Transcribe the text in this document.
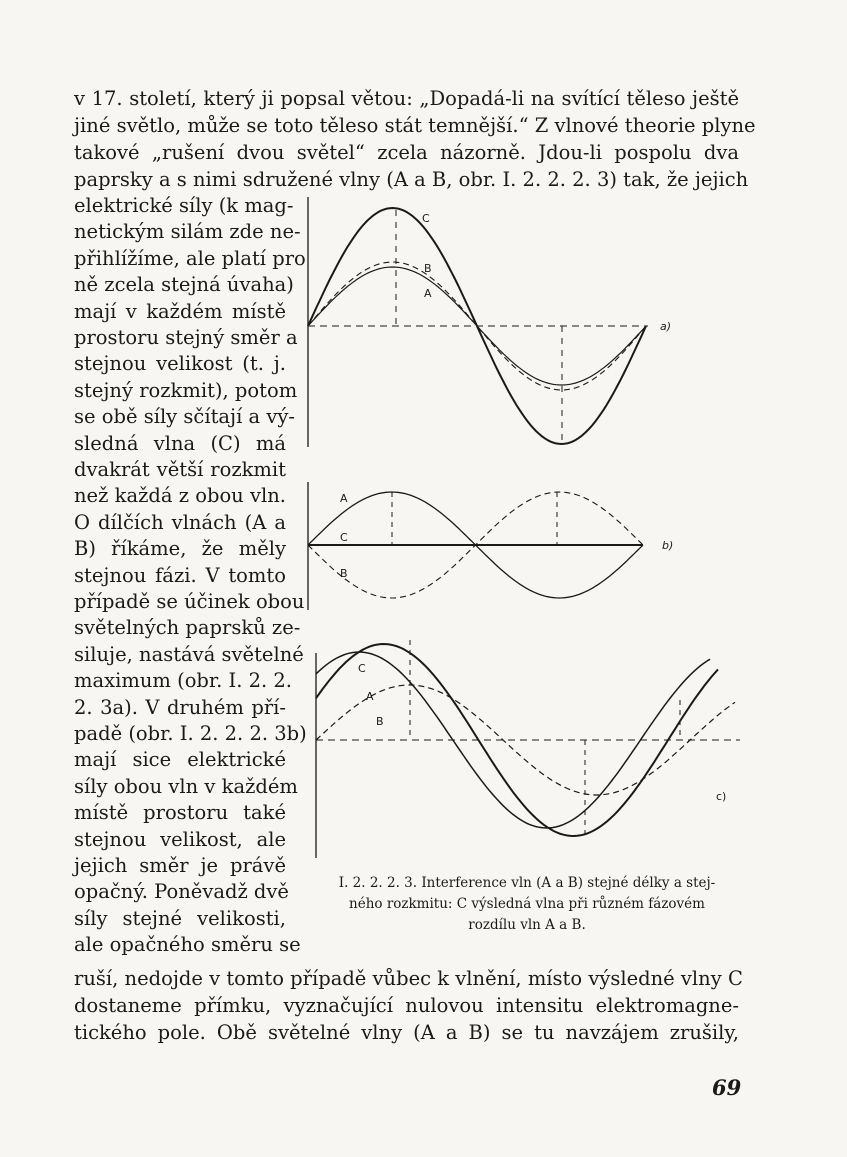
v 17. století, který ji popsal větou: „Dopadá-li na svítící těleso ještě
jiné světlo, může se toto těleso stát temnější.“ Z vlnové theorie plyne
takové „rušení dvou světel“ zcela názorně. Jdou-li pospolu dva
paprsky a s nimi sdružené vlny (A a B, obr. I. 2. 2. 2. 3) tak, že jejich
elektrické síly (k mag-
netickým silám zde ne-
přihlížíme, ale platí pro
ně zcela stejná úvaha)
mají v každém místě
prostoru stejný směr a
stejnou velikost (t. j.
stejný rozkmit), potom
se obě síly sčítají a vý-
sledná vlna (C) má
dvakrát větší rozkmit
než každá z obou vln.
O dílčích vlnách (A a
B) říkáme, že měly
stejnou fázi. V tomto
případě se účinek obou
světelných paprsků ze-
siluje, nastává světelné
maximum (obr. I. 2. 2.
2. 3a). V druhém pří-
padě (obr. I. 2. 2. 2. 3b)
mají sice elektrické
síly obou vln v každém
místě prostoru také
stejnou velikost, ale
jejich směr je právě
opačný. Poněvadž dvě
síly stejné velikosti,
ale opačného směru se
ruší, nedojde v tomto případě vůbec k vlnění, místo výsledné vlny C
dostaneme přímku, vyznačující nulovou intensitu elektromagne-
tického pole. Obě světelné vlny (A a B) se tu navzájem zrušily,
C
B
A
A
C
B
C
A
B
a)
b)
c)
I. 2. 2. 2. 3. Interference vln (A a B) stejné délky a stej-
ného rozkmitu: C výsledná vlna při různém fázovém
rozdílu vln A a B.
69
